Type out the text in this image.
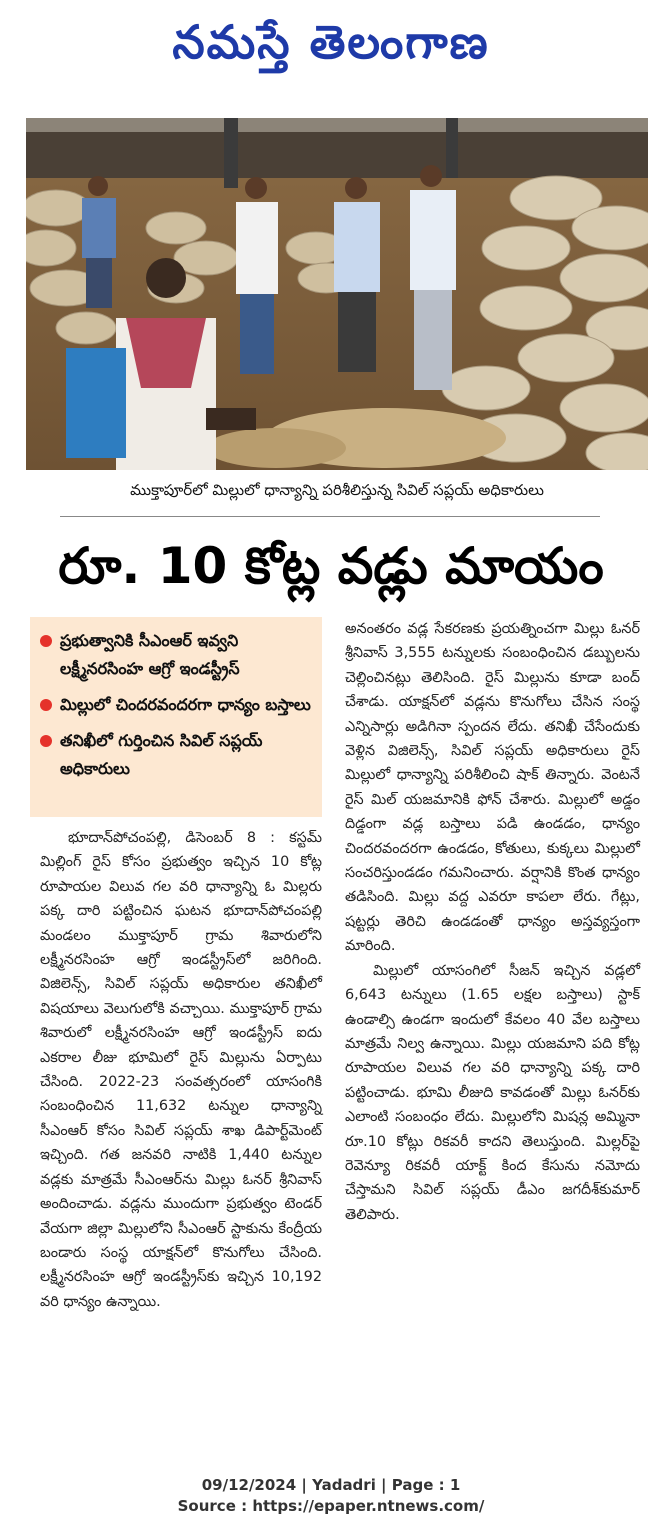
నమస్తే తెలంగాణ
ముక్తాపూర్‌లో మిల్లులో ధాన్యాన్ని పరిశీలిస్తున్న సివిల్ సప్లయ్ అధికారులు
రూ. 10 కోట్ల వడ్లు మాయం
ప్రభుత్వానికి సీఎంఆర్ ఇవ్వని లక్ష్మీనరసింహ ఆగ్రో ఇండస్ట్రీస్
మిల్లులో చిందరవందరగా ధాన్యం బస్తాలు
తనిఖీలో గుర్తించిన సివిల్ సప్లయ్ అధికారులు

భూదాన్‌పోచంపల్లి, డిసెంబర్ 8 : కస్టమ్ మిల్లింగ్ రైస్ కోసం ప్రభుత్వం ఇచ్చిన 10 కోట్ల రూపాయల విలువ గల వరి ధాన్యాన్ని ఓ మిల్లరు పక్క దారి పట్టించిన ఘటన భూదాన్‌పోచంపల్లి మండలం ముక్తాపూర్ గ్రామ శివారులోని లక్ష్మీనరసింహ ఆగ్రో ఇండస్ట్రీస్‌లో జరిగింది. విజిలెన్స్, సివిల్ సప్లయ్ అధికారుల తనిఖీలో విషయాలు వెలుగులోకి వచ్చాయి. ముక్తాపూర్ గ్రామ శివారులో లక్ష్మీనరసింహ ఆగ్రో ఇండస్ట్రీస్ ఐదు ఎకరాల లీజు భూమిలో రైస్ మిల్లును ఏర్పాటు చేసింది. 2022-23 సంవత్సరంలో యాసంగికి సంబంధించిన 11,632 టన్నుల ధాన్యాన్ని సీఎంఆర్ కోసం సివిల్ సప్లయ్ శాఖ డిపార్ట్‌మెంట్ ఇచ్చింది. గత జనవరి నాటికి 1,440 టన్నుల వడ్లకు మాత్రమే సీఎంఆర్‌ను మిల్లు ఓనర్ శ్రీనివాస్ అందించాడు. వడ్లను ముందుగా ప్రభుత్వం టెండర్ వేయగా జిల్లా మిల్లులోని సీఎంఆర్ స్టాకును కేంద్రీయ బండారు సంస్థ యాక్షన్‌లో కొనుగోలు చేసింది. లక్ష్మీనరసింహ ఆగ్రో ఇండస్ట్రీస్‌కు ఇచ్చిన 10,192 వరి ధాన్యం ఉన్నాయి.

అనంతరం వడ్ల సేకరణకు ప్రయత్నించగా మిల్లు ఓనర్ శ్రీనివాస్ 3,555 టన్నులకు సంబంధించిన డబ్బులను చెల్లించినట్లు తెలిసింది. రైస్ మిల్లును కూడా బంద్ చేశాడు. యాక్షన్‌లో వడ్లను కొనుగోలు చేసిన సంస్థ ఎన్నిసార్లు అడిగినా స్పందన లేదు. తనిఖీ చేసేందుకు వెళ్లిన విజిలెన్స్, సివిల్ సప్లయ్ అధికారులు రైస్ మిల్లులో ధాన్యాన్ని పరిశీలించి షాక్ తిన్నారు. వెంటనే రైస్ మిల్ యజమానికి ఫోన్ చేశారు. మిల్లులో అడ్డం దిడ్డంగా వడ్ల బస్తాలు పడి ఉండడం, ధాన్యం చిందరవందరగా ఉండడం, కోతులు, కుక్కలు మిల్లులో సంచరిస్తుండడం గమనించారు. వర్షానికి కొంత ధాన్యం తడిసింది. మిల్లు వద్ద ఎవరూ కాపలా లేరు. గేట్లు, షట్టర్లు తెరిచి ఉండడంతో ధాన్యం అస్తవ్యస్తంగా మారింది.

మిల్లులో యాసంగిలో సీజన్ ఇచ్చిన వడ్లలో 6,643 టన్నులు (1.65 లక్షల బస్తాలు) స్టాక్ ఉండాల్సి ఉండగా ఇందులో కేవలం 40 వేల బస్తాలు మాత్రమే నిల్వ ఉన్నాయి. మిల్లు యజమాని పది కోట్ల రూపాయల విలువ గల వరి ధాన్యాన్ని పక్క దారి పట్టించాడు. భూమి లీజుది కావడంతో మిల్లు ఓనర్‌కు ఎలాంటి సంబంధం లేదు. మిల్లులోని మిషన్ల అమ్మినా రూ.10 కోట్లు రికవరీ కాదని తెలుస్తుంది. మిల్లర్‌పై రెవెన్యూ రికవరీ యాక్ట్ కింద కేసును నమోదు చేస్తామని సివిల్ సప్లయ్ డీఎం జగదీశ్‌కుమార్ తెలిపారు.

09/12/2024 | Yadadri | Page : 1
Source : https://epaper.ntnews.com/
